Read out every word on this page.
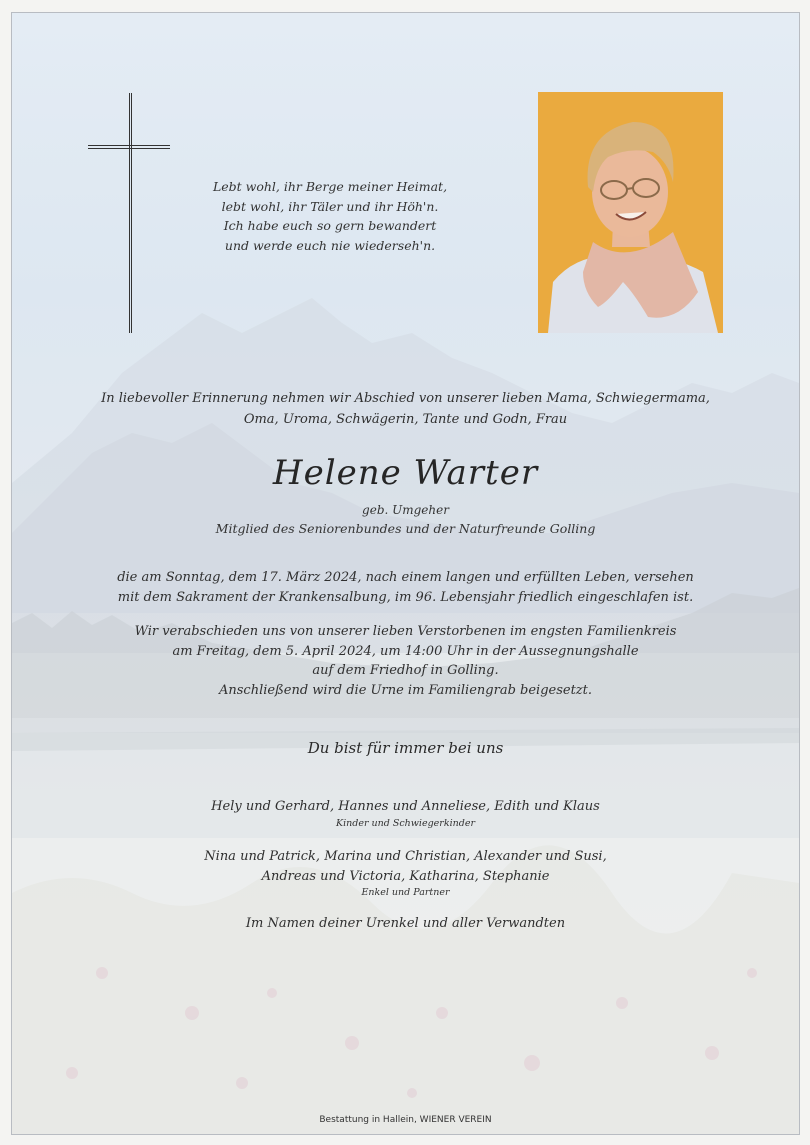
Lebt wohl, ihr Berge meiner Heimat,
lebt wohl, ihr Täler und ihr Höh'n.
Ich habe euch so gern bewandert
und werde euch nie wiederseh'n.
In liebevoller Erinnerung nehmen wir Abschied von unserer lieben Mama, Schwiegermama,
Oma, Uroma, Schwägerin, Tante und Godn, Frau
Helene Warter
geb. Umgeher
Mitglied des Seniorenbundes und der Naturfreunde Golling
die am Sonntag, dem 17. März 2024, nach einem langen und erfüllten Leben, versehen
mit dem Sakrament der Krankensalbung, im 96. Lebensjahr friedlich eingeschlafen ist.
Wir verabschieden uns von unserer lieben Verstorbenen im engsten Familienkreis
am Freitag, dem 5. April 2024, um 14:00 Uhr in der Aussegnungshalle
auf dem Friedhof in Golling.
Anschließend wird die Urne im Familiengrab beigesetzt.
Du bist für immer bei uns
Hely und Gerhard, Hannes und Anneliese, Edith und Klaus
Kinder und Schwiegerkinder
Nina und Patrick, Marina und Christian, Alexander und Susi,
Andreas und Victoria, Katharina, Stephanie
Enkel und Partner
Im Namen deiner Urenkel und aller Verwandten
Bestattung in Hallein, WIENER VEREIN
